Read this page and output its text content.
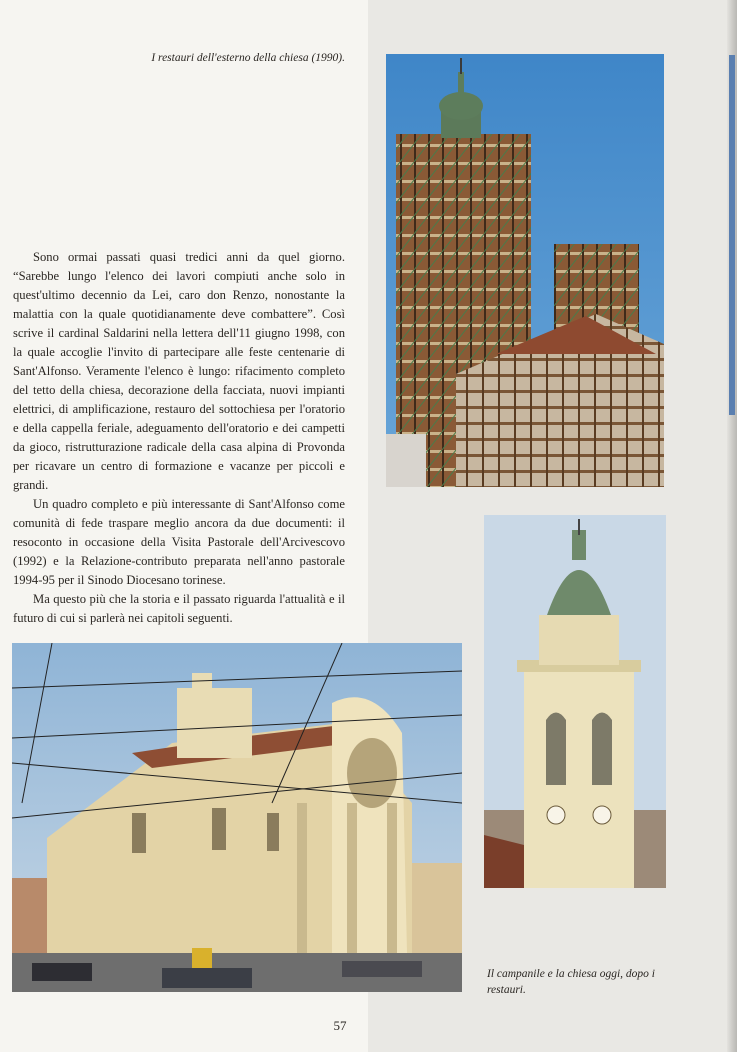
I restauri dell'esterno della chiesa (1990).

Sono ormai passati quasi tredici anni da quel giorno. “Sarebbe lungo l'elenco dei lavori compiuti anche solo in quest'ultimo decennio da Lei, caro don Renzo, nonostante la malattia con la quale quotidianamente deve combattere”. Così scrive il cardinal Saldarini nella lettera dell'11 giugno 1998, con la quale accoglie l'invito di partecipare alle feste centenarie di Sant'Alfonso. Veramente l'elenco è lungo: rifacimento completo del tetto della chiesa, decorazione della facciata, nuovi impianti elettrici, di amplificazione, restauro del sottochiesa per l'oratorio e della cappella feriale, adeguamento dell'oratorio e dei campetti da gioco, ristrutturazione radicale della casa alpina di Provonda per ricavare un centro di formazione e vacanze per piccoli e grandi.

Un quadro completo e più interessante di Sant'Alfonso come comunità di fede traspare meglio ancora da due documenti: il resoconto in occasione della Visita Pastorale dell'Arcivescovo (1992) e la Relazione-contributo preparata nell'anno pastorale 1994-95 per il Sinodo Diocesano torinese.

Ma questo più che la storia e il passato riguarda l'attualità e il futuro di cui si parlerà nei capitoli seguenti.

Il campanile e la chiesa oggi, dopo i restauri.
57
